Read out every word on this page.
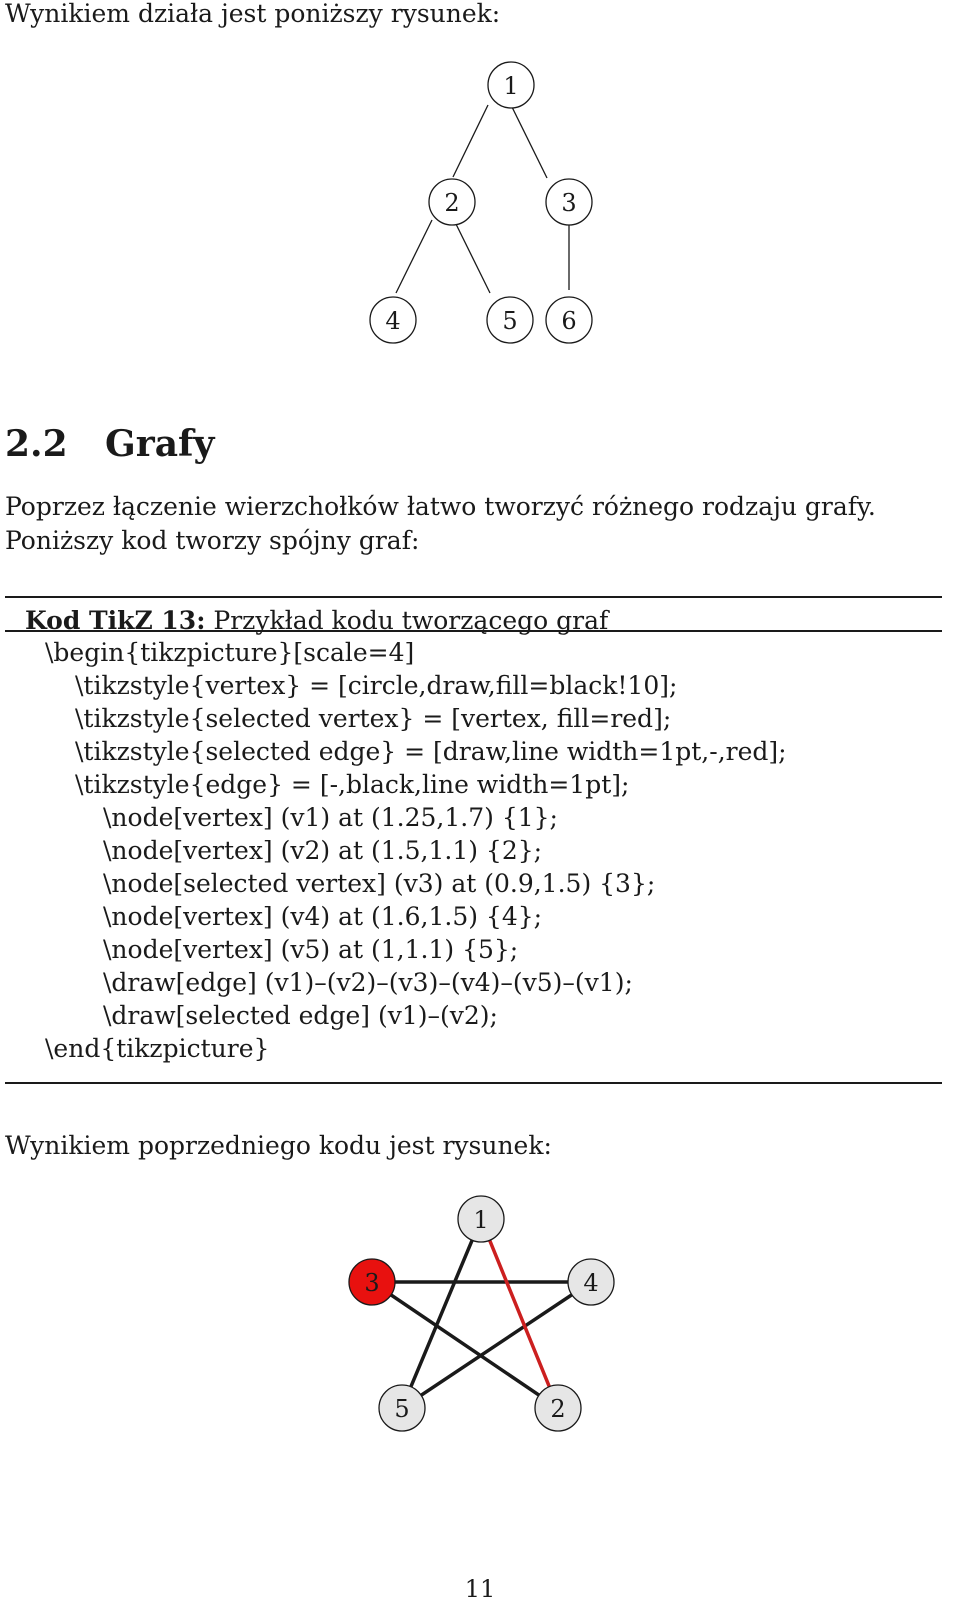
Wynikiem działa jest poniższy rysunek:
1
2	3
4	5 6
1
2
3	4
5
2.2 Grafy
Poprzez łączenie wierzchołków łatwo tworzyć różnego rodzaju grafy. Poniższy kod tworzy spójny graf:
Kod TikZ 13: Przykład kodu tworzącego graf
\begin{tikzpicture}[scale=4]
\tikzstyle{vertex} = [circle,draw,fill=black!10];
\tikzstyle{selected vertex} = [vertex, fill=red];
\tikzstyle{selected edge} = [draw,line width=1pt,-,red];
\tikzstyle{edge} = [-,black,line width=1pt];
\node[vertex] (v1) at (1.25,1.7) {1};
\node[vertex] (v2) at (1.5,1.1) {2};
\node[selected vertex] (v3) at (0.9,1.5) {3};
\node[vertex] (v4) at (1.6,1.5) {4};
\node[vertex] (v5) at (1,1.1) {5};
\draw[edge] (v1)–(v2)–(v3)–(v4)–(v5)–(v1);
\draw[selected edge] (v1)–(v2);
\end{tikzpicture}
Wynikiem poprzedniego kodu jest rysunek:
11
